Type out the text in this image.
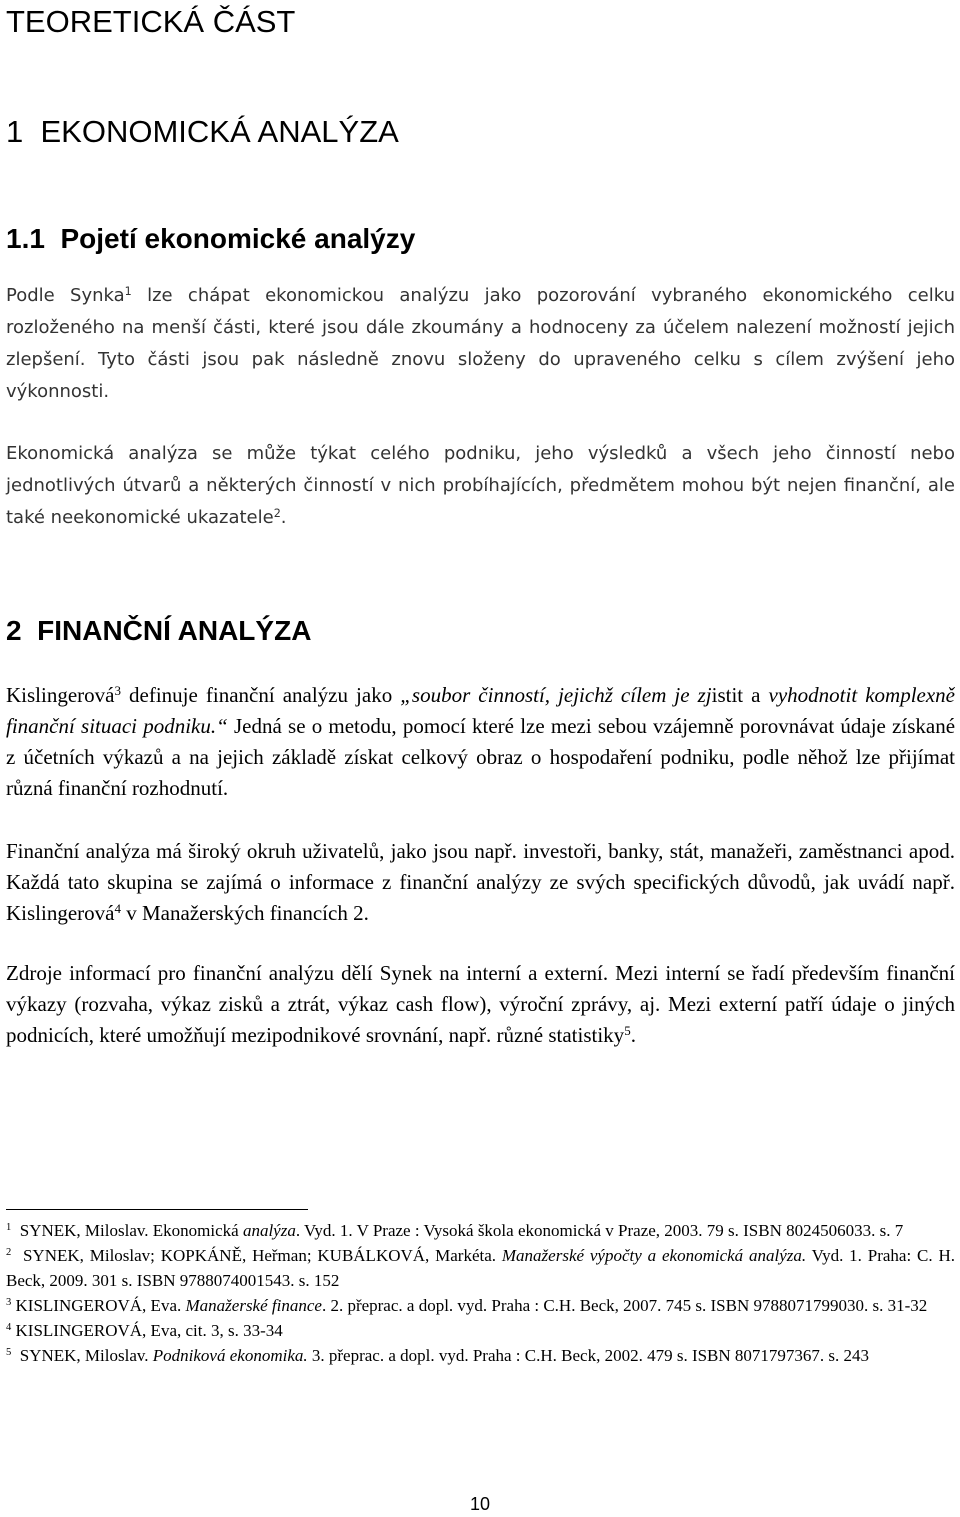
TEORETICKÁ ČÁST
1 EKONOMICKÁ ANALÝZA
1.1 Pojetí ekonomické analýzy

Podle Synka$^1$ lze chápat ekonomickou analýzu jako pozorování vybraného ekonomického celku rozloženého na menší části, které jsou dále zkoumány a hodnoceny za účelem nalezení možností jejich zlepšení. Tyto části jsou pak následně znovu složeny do upraveného celku s cílem zvýšení jeho výkonnosti.

Ekonomická analýza se může týkat celého podniku, jeho výsledků a všech jeho činností nebo jednotlivých útvarů a některých činností v nich probíhajících, předmětem mohou být nejen finanční, ale také neekonomické ukazatele$^2$.

2 FINANČNÍ ANALÝZA

Kislingerová$^3$ definuje finanční analýzu jako „soubor činností, jejichž cílem je zjistit a vyhodnotit komplexně finanční situaci podniku.“ Jedná se o metodu, pomocí které lze mezi sebou vzájemně porovnávat údaje získané z účetních výkazů a na jejich základě získat celkový obraz o hospodaření podniku, podle něhož lze přijímat různá finanční rozhodnutí.

Finanční analýza má široký okruh uživatelů, jako jsou např. investoři, banky, stát, manažeři, zaměstnanci apod. Každá tato skupina se zajímá o informace z finanční analýzy ze svých specifických důvodů, jak uvádí např. Kislingerová$^4$ v Manažerských financích 2.

Zdroje informací pro finanční analýzu dělí Synek na interní a externí. Mezi interní se řadí především finanční výkazy (rozvaha, výkaz zisků a ztrát, výkaz cash flow), výroční zprávy, aj. Mezi externí patří údaje o jiných podnicích, které umožňují mezipodnikové srovnání, např. různé statistiky$^5$.

$^1$ SYNEK, Miloslav. Ekonomická analýza. Vyd. 1. V Praze : Vysoká škola ekonomická v Praze, 2003. 79 s. ISBN 8024506033. s. 7

$^2$ SYNEK, Miloslav; KOPKÁNĚ, Heřman; KUBÁLKOVÁ, Markéta. Manažerské výpočty a ekonomická analýza. Vyd. 1. Praha: C. H. Beck, 2009. 301 s. ISBN 9788074001543. s. 152

$^3$ KISLINGEROVÁ, Eva. Manažerské finance. 2. přeprac. a dopl. vyd. Praha : C.H. Beck, 2007. 745 s. ISBN 9788071799030. s. 31-32

$^4$ KISLINGEROVÁ, Eva, cit. 3, s. 33-34

$^5$ SYNEK, Miloslav. Podniková ekonomika. 3. přeprac. a dopl. vyd. Praha : C.H. Beck, 2002. 479 s. ISBN 8071797367. s. 243

10
